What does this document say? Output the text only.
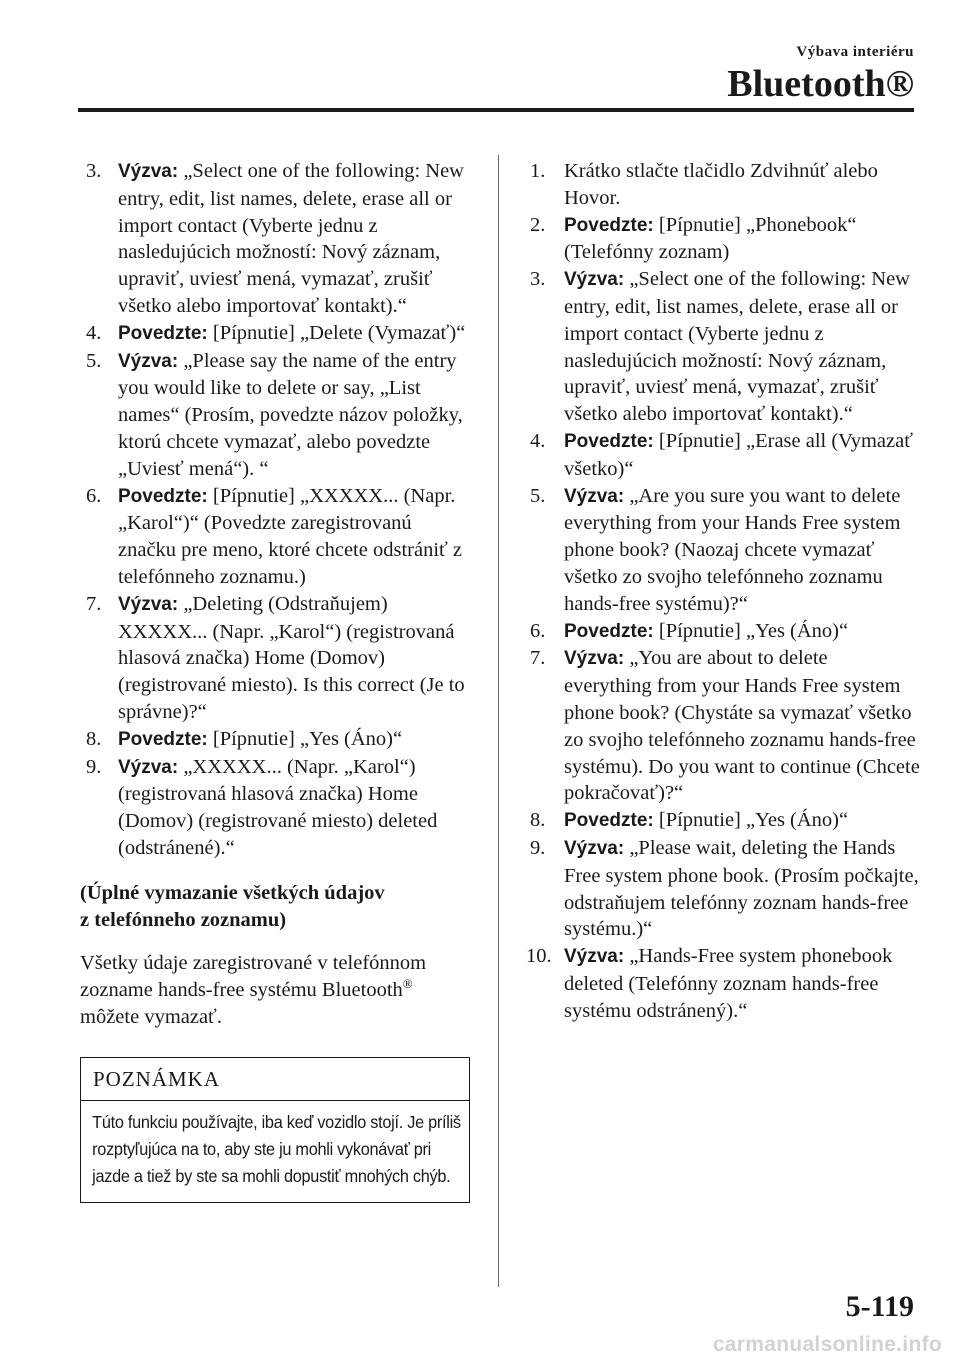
Výbava interiéru
Bluetooth®
3. Výzva: „Select one of the following: New entry, edit, list names, delete, erase all or import contact (Vyberte jednu z nasledujúcich možností: Nový záznam, upraviť, uviesť mená, vymazať, zrušiť všetko alebo importovať kontakt).“
4. Povedzte: [Pípnutie] „Delete (Vymazať)“
5. Výzva: „Please say the name of the entry you would like to delete or say, „List names“ (Prosím, povedzte názov položky, ktorú chcete vymazať, alebo povedzte „Uviesť mená“). “
6. Povedzte: [Pípnutie] „XXXXX... (Napr. „Karol“)“ (Povedzte zaregistrovanú značku pre meno, ktoré chcete odstrániť z telefónneho zoznamu.)
7. Výzva: „Deleting (Odstraňujem) XXXXX... (Napr. „Karol“) (registrovaná hlasová značka) Home (Domov) (registrované miesto). Is this correct (Je to správne)?“
8. Povedzte: [Pípnutie] „Yes (Áno)“
9. Výzva: „XXXXX... (Napr. „Karol“) (registrovaná hlasová značka) Home (Domov) (registrované miesto) deleted (odstránené).“
(Úplné vymazanie všetkých údajov
z telefónneho zoznamu)
Všetky údaje zaregistrované v telefónnom zozname hands-free systému Bluetooth®
môžete vymazať.
POZNÁMKA
Túto funkciu používajte, iba keď vozidlo stojí. Je príliš rozptyľujúca na to, aby ste ju mohli vykonávať pri jazde a tiež by ste sa mohli dopustiť mnohých chýb.
1. Krátko stlačte tlačidlo Zdvihnúť alebo Hovor.
2. Povedzte: [Pípnutie] „Phonebook“ (Telefónny zoznam)
3. Výzva: „Select one of the following: New entry, edit, list names, delete, erase all or import contact (Vyberte jednu z nasledujúcich možností: Nový záznam, upraviť, uviesť mená, vymazať, zrušiť všetko alebo importovať kontakt).“
4. Povedzte: [Pípnutie] „Erase all (Vymazať všetko)“
5. Výzva: „Are you sure you want to delete everything from your Hands Free system phone book? (Naozaj chcete vymazať všetko zo svojho telefónneho zoznamu hands-free systému)?“
6. Povedzte: [Pípnutie] „Yes (Áno)“
7. Výzva: „You are about to delete everything from your Hands Free system phone book? (Chystáte sa vymazať všetko zo svojho telefónneho zoznamu hands-free systému). Do you want to continue (Chcete pokračovať)?“
8. Povedzte: [Pípnutie] „Yes (Áno)“
9. Výzva: „Please wait, deleting the Hands Free system phone book. (Prosím počkajte, odstraňujem telefónny zoznam hands-free systému.)“
10. Výzva: „Hands-Free system phonebook deleted (Telefónny zoznam hands-free systému odstránený).“
5-119
carmanualsonline.info
